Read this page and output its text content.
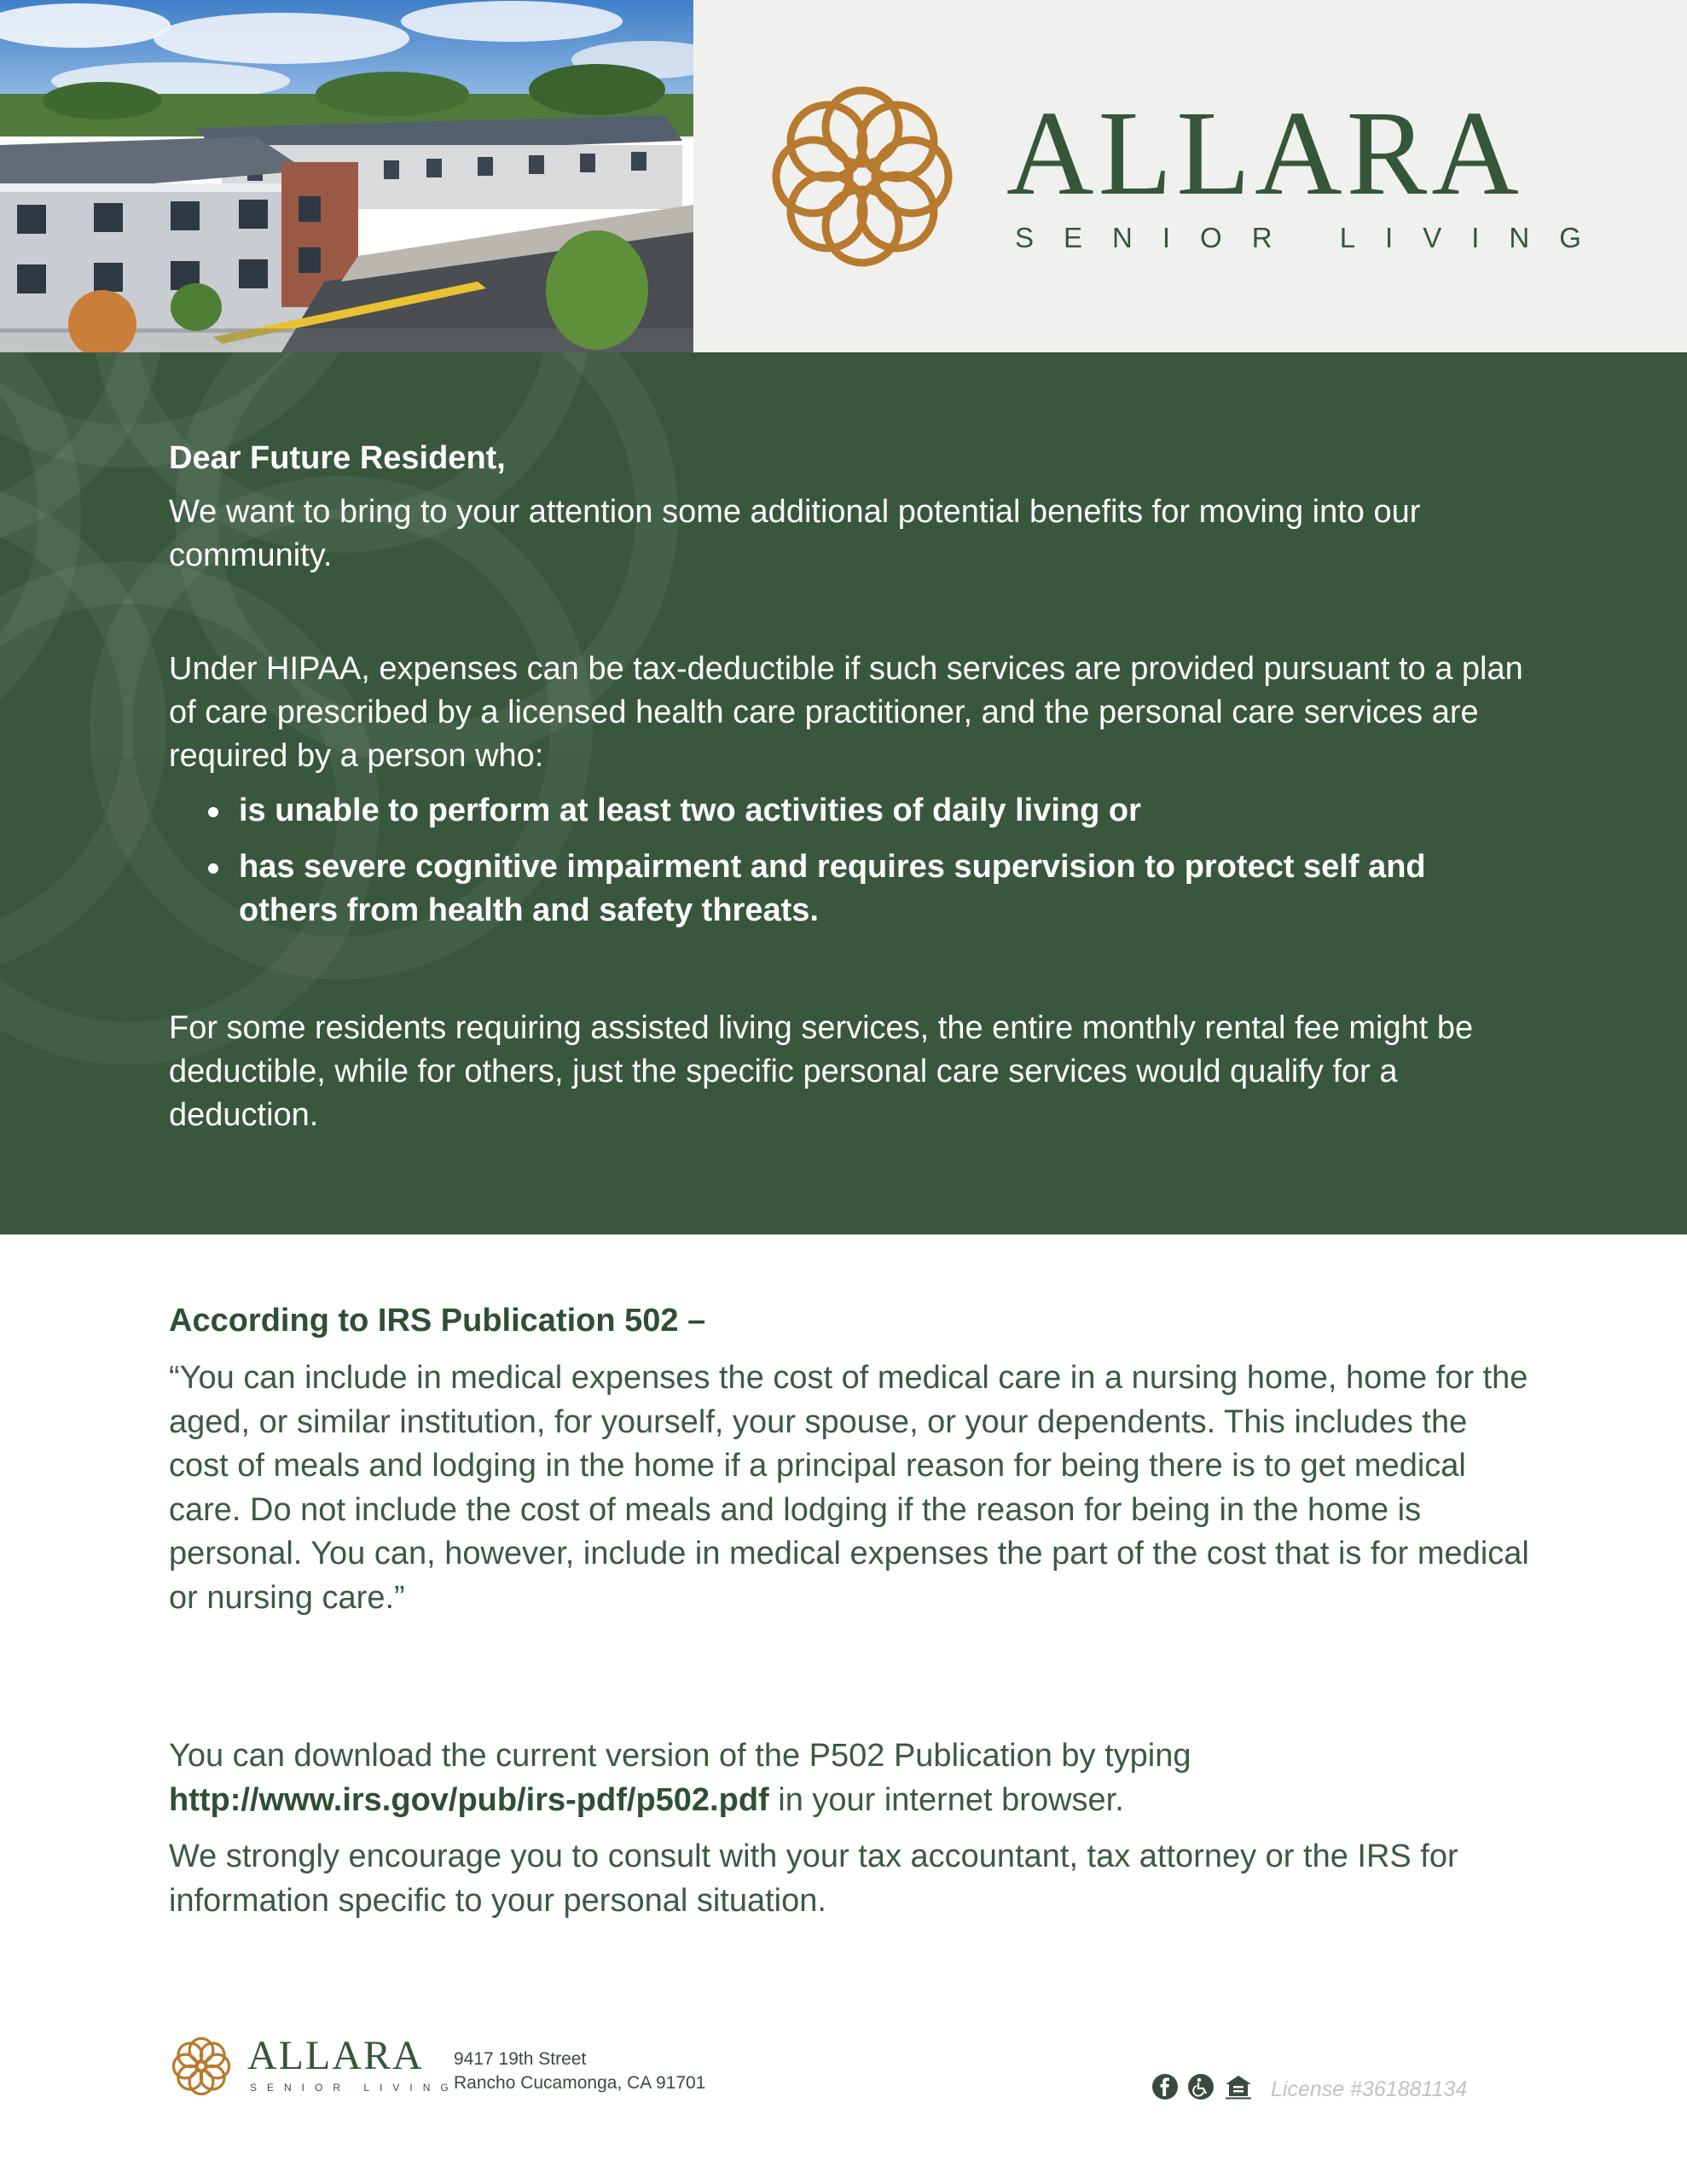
ALLARA
SENIOR LIVING
Dear Future Resident,
We want to bring to your attention some additional potential benefits for moving into our community.
Under HIPAA, expenses can be tax-deductible if such services are provided pursuant to a plan of care prescribed by a licensed health care practitioner, and the personal care services are required by a person who:
is unable to perform at least two activities of daily living or
has severe cognitive impairment and requires supervision to protect self and others from health and safety threats.
For some residents requiring assisted living services, the entire monthly rental fee might be deductible, while for others, just the specific personal care services would qualify for a deduction.
According to IRS Publication 502 –
“You can include in medical expenses the cost of medical care in a nursing home, home for the aged, or similar institution, for yourself, your spouse, or your dependents. This includes the cost of meals and lodging in the home if a principal reason for being there is to get medical care. Do not include the cost of meals and lodging if the reason for being in the home is personal. You can, however, include in medical expenses the part of the cost that is for medical or nursing care.”
You can download the current version of the P502 Publication by typing
http://www.irs.gov/pub/irs-pdf/p502.pdf in your internet browser.
We strongly encourage you to consult with your tax accountant, tax attorney or the IRS for information specific to your personal situation.
ALLARA
SENIOR LIVING
9417 19th Street
Rancho Cucamonga, CA 91701	License #361881134
